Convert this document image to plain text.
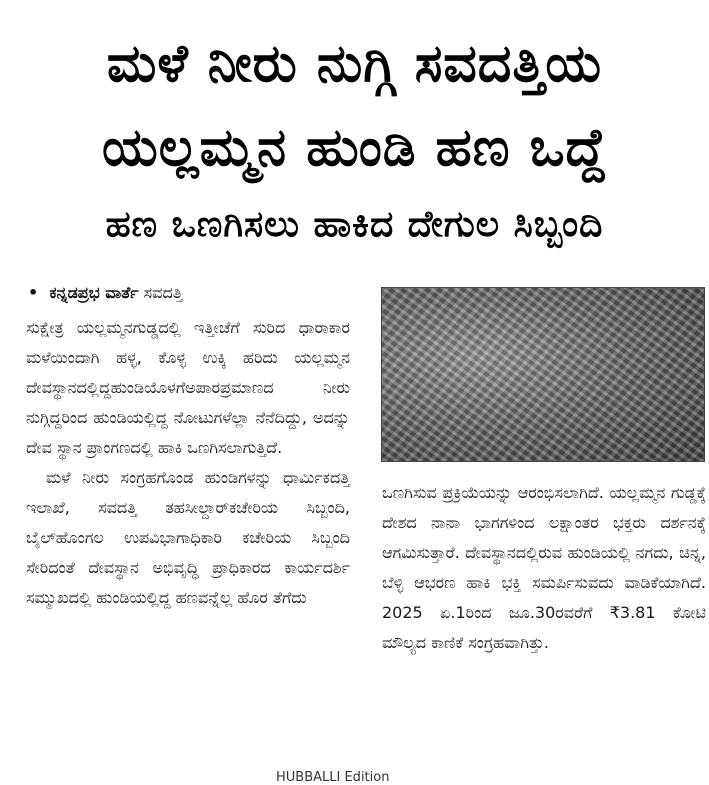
ಮಳೆ ನೀರು ನುಗ್ಗಿ ಸವದತ್ತಿಯ
ಯಲ್ಲಮ್ಮನ ಹುಂಡಿ ಹಣ ಒದ್ದೆ
ಹಣ ಒಣಗಿಸಲು ಹಾಕಿದ ದೇಗುಲ ಸಿಬ್ಬಂದಿ
• ಕನ್ನಡಪ್ರಭ ವಾರ್ತೆ ಸವದತ್ತಿ

ಸುಕ್ಷೇತ್ರ ಯಲ್ಲಮ್ಮನಗುಡ್ಡದಲ್ಲಿ ಇತ್ತೀಚೆಗೆ ಸುರಿದ ಧಾರಾಕಾರ ಮಳೆಯಿಂದಾಗಿ ಹಳ್ಳ, ಕೊಳ್ಳ ಉಕ್ಕಿ ಹರಿದು ಯಲ್ಲಮ್ಮನ ದೇವಸ್ಥಾನದಲ್ಲಿದ್ದಹುಂಡಿಯೊಳಗೆಅಪಾರಪ್ರಮಾಣದ ನೀರು ನುಗ್ಗಿದ್ದರಿಂದ ಹುಂಡಿಯಲ್ಲಿದ್ದ ನೋಟುಗಳೆಲ್ಲಾ ನೆನೆದಿದ್ದು, ಅದನ್ನು ದೇವ ಸ್ಥಾನ ಪ್ರಾಂಗಣದಲ್ಲಿ ಹಾಕಿ ಒಣಗಿಸಲಾಗುತ್ತಿದೆ.

ಮಳೆ ನೀರು ಸಂಗ್ರಹಗೊಂಡ ಹುಂಡಿಗಳನ್ನು ಧಾರ್ಮಿಕದತ್ತಿ ಇಲಾಖೆ, ಸವದತ್ತಿ ತಹಸೀಲ್ದಾರ್‌ಕಚೇರಿಯ ಸಿಬ್ಬಂದಿ, ಬೈಲ್‌ಹೊಂಗಲ ಉಪವಿಭಾಗಾಧಿಕಾರಿ ಕಚೇರಿಯ ಸಿಬ್ಬಂದಿ ಸೇರಿದಂತೆ ದೇವಸ್ಥಾನ ಅಭಿವೃದ್ಧಿ ಪ್ರಾಧಿಕಾರದ ಕಾರ್ಯದರ್ಶಿ ಸಮ್ಮುಖದಲ್ಲಿ ಹುಂಡಿಯಲ್ಲಿದ್ದ ಹಣವನ್ನೆಲ್ಲ ಹೊರ ತೆಗೆದು

ಒಣಗಿಸುವ ಪ್ರಕ್ರಿಯೆಯನ್ನು ಆರಂಭಿಸಲಾಗಿದೆ. ಯಲ್ಲಮ್ಮನ ಗುಡ್ಡಕ್ಕೆ ದೇಶದ ನಾನಾ ಭಾಗಗಳಿಂದ ಲಕ್ಷಾಂತರ ಭಕ್ತರು ದರ್ಶನಕ್ಕೆ ಆಗಮಿಸುತ್ತಾರೆ. ದೇವಸ್ಥಾನದಲ್ಲಿರುವ ಹುಂಡಿಯಲ್ಲಿ ನಗದು, ಚಿನ್ನ, ಬೆಳ್ಳಿ ಆಭರಣ ಹಾಕಿ ಭಕ್ತಿ ಸಮರ್ಪಿಸುವದು ವಾಡಿಕೆಯಾಗಿದೆ. 2025 ಏ.1ರಿಂದ ಜೂ.30ರವರೆಗೆ ₹3.81 ಕೋಟಿ ಮೌಲ್ಯದ ಕಾಣಿಕೆ ಸಂಗ್ರಹವಾಗಿತ್ತು.

HUBBALLI Edition
